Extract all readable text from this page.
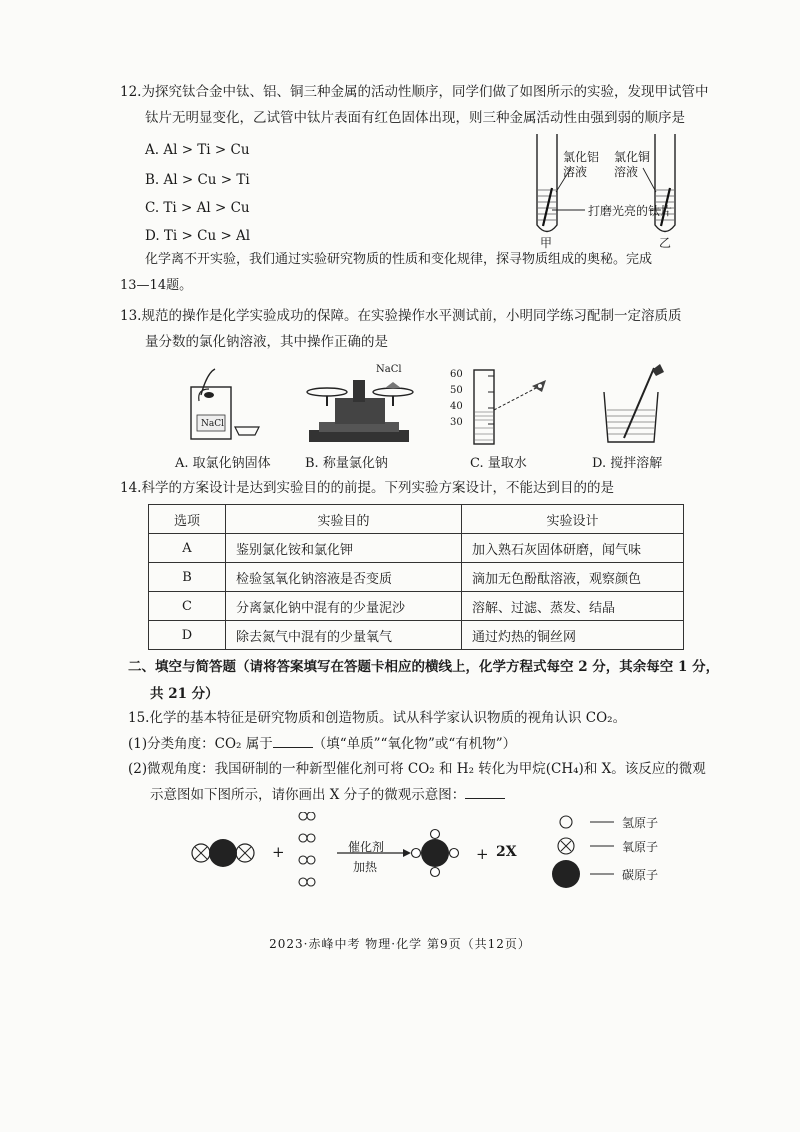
12.为探究钛合金中钛、铝、铜三种金属的活动性顺序，同学们做了如图所示的实验，发现甲试管中
钛片无明显变化，乙试管中钛片表面有红色固体出现，则三种金属活动性由强到弱的顺序是
A. Al > Ti > Cu
B. Al > Cu > Ti
C. Ti > Al > Cu
D. Ti > Cu > Al
氯化铝溶液
氯化铜溶液
打磨光亮的钛片
甲	乙
化学离不开实验，我们通过实验研究物质的性质和变化规律，探寻物质组成的奥秘。完成
13—14题。
13.规范的操作是化学实验成功的保障。在实验操作水平测试前，小明同学练习配制一定溶质质
量分数的氯化钠溶液，其中操作正确的是
NaCl
NaCl	60
50
40
30
A. 取氯化钠固体	B. 称量氯化钠	C. 量取水	D. 搅拌溶解
14.科学的方案设计是达到实验目的的前提。下列实验方案设计，不能达到目的的是
选项	实验目的	实验设计
A	鉴别氯化铵和氯化钾	加入熟石灰固体研磨，闻气味
B	检验氢氧化钠溶液是否变质	滴加无色酚酞溶液，观察颜色
C	分离氯化钠中混有的少量泥沙	溶解、过滤、蒸发、结晶
D	除去氮气中混有的少量氧气	通过灼热的铜丝网
二、填空与简答题（请将答案填写在答题卡相应的横线上，化学方程式每空 2 分，其余每空 1 分，
共 21 分）
15.化学的基本特征是研究物质和创造物质。试从科学家认识物质的视角认识 CO₂。
(1)分类角度：CO₂ 属于	（填“单质”“氧化物”或“有机物”）
(2)微观角度：我国研制的一种新型催化剂可将 CO₂ 和 H₂ 转化为甲烷(CH₄)和 X。该反应的微观
示意图如下图所示，请你画出 X 分子的微观示意图：
+	催化剂
加热
+ 2X
氢原子
氧原子
碳原子
2023·赤峰中考 物理·化学 第9页（共12页）
